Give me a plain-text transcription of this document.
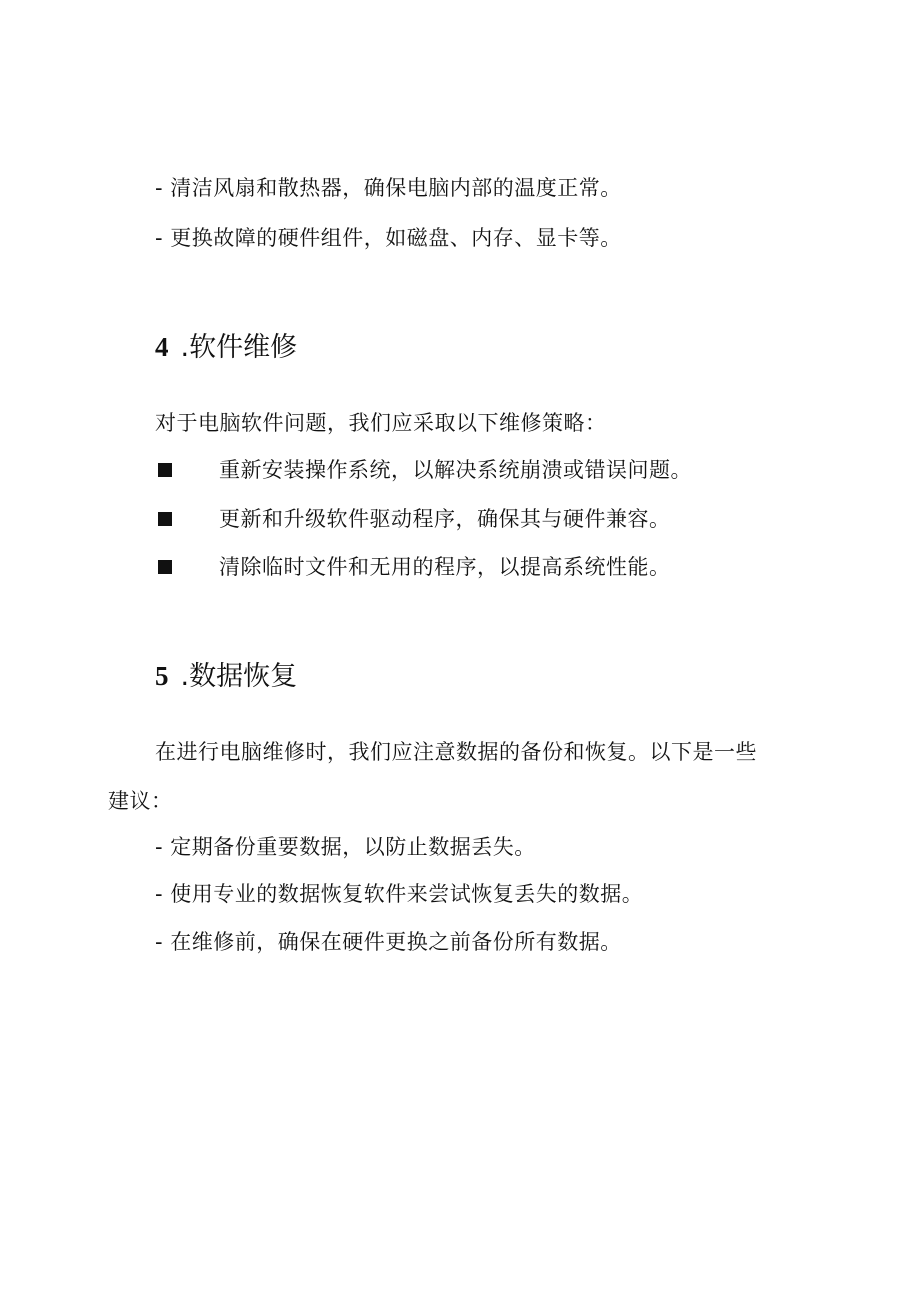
- 清洁风扇和散热器，确保电脑内部的温度正常。
- 更换故障的硬件组件，如磁盘、内存、显卡等。
4 .软件维修
对于电脑软件问题，我们应采取以下维修策略：
重新安装操作系统，以解决系统崩溃或错误问题。
更新和升级软件驱动程序，确保其与硬件兼容。
清除临时文件和无用的程序，以提高系统性能。
5 .数据恢复
在进行电脑维修时，我们应注意数据的备份和恢复。以下是一些
建议：
- 定期备份重要数据，以防止数据丢失。
- 使用专业的数据恢复软件来尝试恢复丢失的数据。
- 在维修前，确保在硬件更换之前备份所有数据。
